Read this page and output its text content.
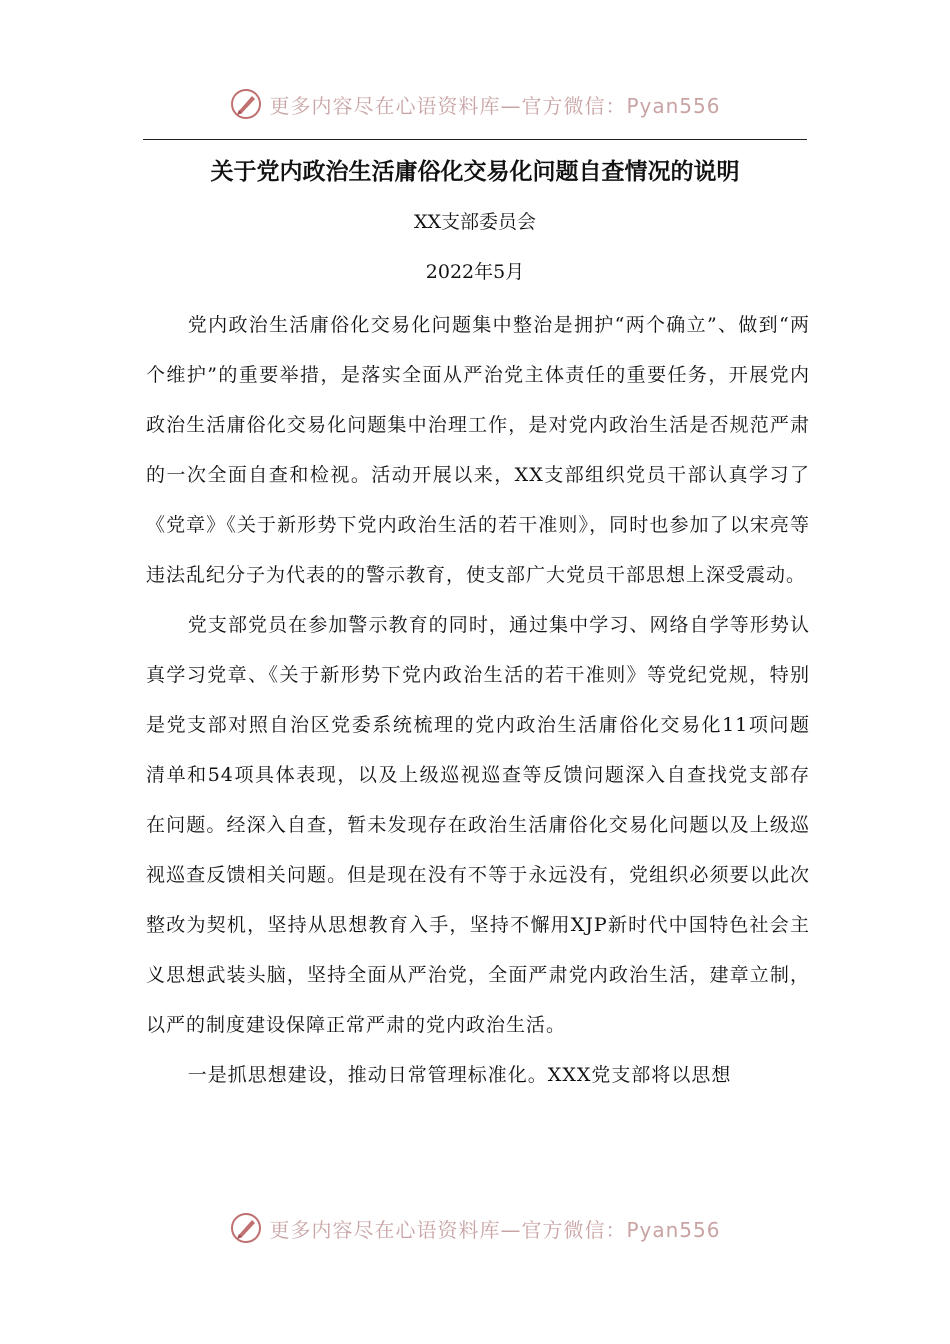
更多内容尽在心语资料库—官方微信：Pyan556
关于党内政治生活庸俗化交易化问题自查情况的说明
XX支部委员会
2022年5月

党内政治生活庸俗化交易化问题集中整治是拥护“两个确立”、做到“两个维护”的重要举措，是落实全面从严治党主体责任的重要任务，开展党内政治生活庸俗化交易化问题集中治理工作，是对党内政治生活是否规范严肃的一次全面自查和检视。活动开展以来，XX支部组织党员干部认真学习了《党章》《关于新形势下党内政治生活的若干准则》，同时也参加了以宋亮等违法乱纪分子为代表的的警示教育，使支部广大党员干部思想上深受震动。

党支部党员在参加警示教育的同时，通过集中学习、网络自学等形势认真学习党章、《关于新形势下党内政治生活的若干准则》等党纪党规，特别是党支部对照自治区党委系统梳理的党内政治生活庸俗化交易化11项问题清单和54项具体表现，以及上级巡视巡查等反馈问题深入自查找党支部存在问题。经深入自查，暂未发现存在政治生活庸俗化交易化问题以及上级巡视巡查反馈相关问题。但是现在没有不等于永远没有，党组织必须要以此次整改为契机，坚持从思想教育入手，坚持不懈用XJP新时代中国特色社会主义思想武装头脑，坚持全面从严治党，全面严肃党内政治生活，建章立制，以严的制度建设保障正常严肃的党内政治生活。

一是抓思想建设，推动日常管理标准化。XXX党支部将以思想

更多内容尽在心语资料库—官方微信：Pyan556
